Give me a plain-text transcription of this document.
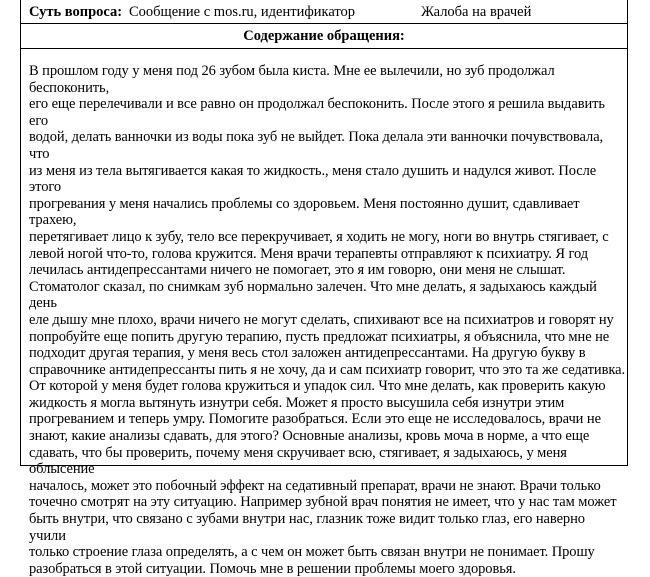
Суть вопроса: Сообщение с mos.ru, идентификатор	Жалоба на врачей
Содержание обращения:

В прошлом году у меня под 26 зубом была киста. Мне ее вылечили, но зуб продолжал беспоконить,
его еще перелечивали и все равно он продолжал беспоконить. После этого я решила выдавить его
водой, делать ванночки из воды пока зуб не выйдет. Пока делала эти ванночки почувствовала, что
из меня из тела вытягивается какая то жидкость., меня стало душить и надулся живот. После этого
прогревания у меня начались проблемы со здоровьем. Меня постоянно душит, сдавливает трахею,
перетягивает лицо к зубу, тело все перекручивает, я ходить не могу, ноги во внутрь стягивает, с
левой ногой что-то, голова кружится. Меня врачи терапевты отправляют к психиатру. Я год
лечилась антидепрессантами ничего не помогает, это я им говорю, они меня не слышат.
Стоматолог сказал, по снимкам зуб нормально залечен. Что мне делать, я задыхаюсь каждый день
еле дышу мне плохо, врачи ничего не могут сделать, спихивают все на психиатров и говорят ну
попробуйте еще попить другую терапию, пусть предложат психиатры, я объяснила, что мне не
подходит другая терапия, у меня весь стол заложен антидепрессантами. На другую букву в
справочнике антидепрессанты пить я не хочу, да и сам психиатр говорит, что это та же седативка.
От которой у меня будет голова кружиться и упадок сил. Что мне делать, как проверить какую
жидкость я могла вытянуть изнутри себя. Может я просто высушила себя изнутри этим
прогреванием и теперь умру. Помогите разобраться. Если это еще не исследовалось, врачи не
знают, какие анализы сдавать, для этого? Основные анализы, кровь моча в норме, а что еще
сдавать, что бы проверить, почему меня скручивает всю, стягивает, я задыхаюсь, у меня облысение
началось, может это побочный эффект на седативный препарат, врачи не знают. Врачи только
точечно смотрят на эту ситуацию. Например зубной врач понятия не имеет, что у нас там может
быть внутри, что связано с зубами внутри нас, глазник тоже видит только глаз, его наверно учили
только строение глаза определять, а с чем он может быть связан внутри не понимает. Прошу
разобраться в этой ситуации. Помочь мне в решении проблемы моего здоровья.
